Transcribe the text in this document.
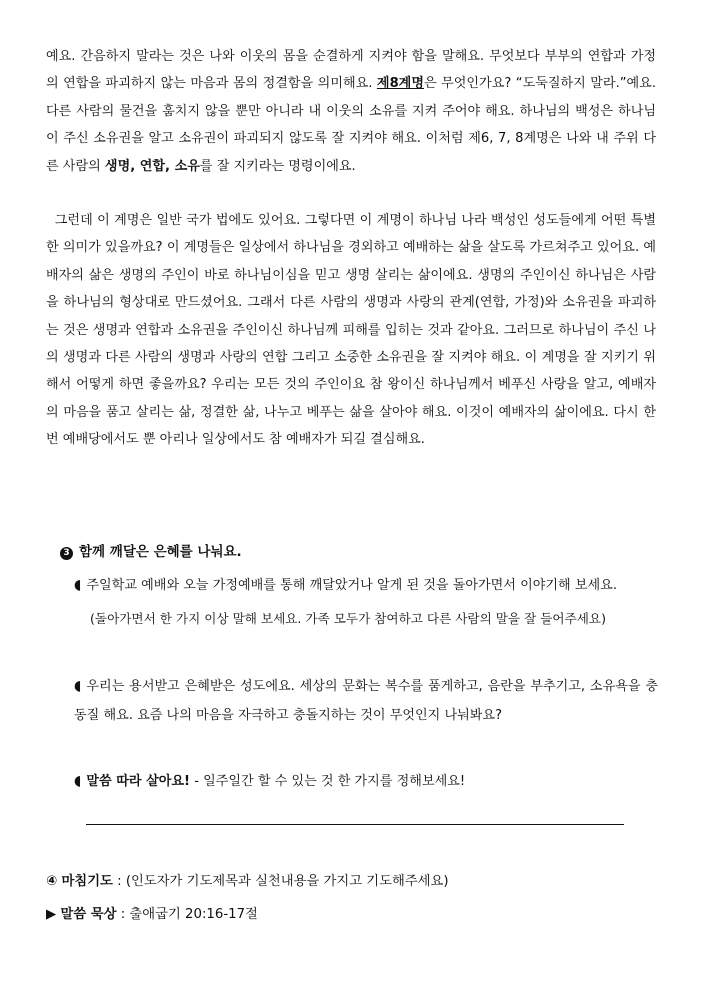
예요. 간음하지 말라는 것은 나와 이웃의 몸을 순결하게 지켜야 함을 말해요. 무엇보다 부부의 연합과 가정의 연합을 파괴하지 않는 마음과 몸의 정결함을 의미해요. 제8계명은 무엇인가요? “도둑질하지 말라.”예요. 다른 사람의 물건을 훔치지 않을 뿐만 아니라 내 이웃의 소유를 지켜 주어야 해요. 하나님의 백성은 하나님이 주신 소유권을 알고 소유권이 파괴되지 않도록 잘 지켜야 해요. 이처럼 제6, 7, 8계명은 나와 내 주위 다른 사람의 생명, 연합, 소유를 잘 지키라는 명령이에요.
그런데 이 계명은 일반 국가 법에도 있어요. 그렇다면 이 계명이 하나님 나라 백성인 성도들에게 어떤 특별한 의미가 있을까요? 이 계명들은 일상에서 하나님을 경외하고 예배하는 삶을 살도록 가르쳐주고 있어요. 예배자의 삶은 생명의 주인이 바로 하나님이심을 믿고 생명 살리는 삶이에요. 생명의 주인이신 하나님은 사람을 하나님의 형상대로 만드셨어요. 그래서 다른 사람의 생명과 사랑의 관계(연합, 가정)와 소유권을 파괴하는 것은 생명과 연합과 소유권을 주인이신 하나님께 피해를 입히는 것과 같아요. 그러므로 하나님이 주신 나의 생명과 다른 사람의 생명과 사랑의 연합 그리고 소중한 소유권을 잘 지켜야 해요. 이 계명을 잘 지키기 위해서 어떻게 하면 좋을까요? 우리는 모든 것의 주인이요 참 왕이신 하나님께서 베푸신 사랑을 알고, 예배자의 마음을 품고 살리는 삶, 정결한 삶, 나누고 베푸는 삶을 살아야 해요. 이것이 예배자의 삶이에요. 다시 한번 예배당에서도 뿐 아리나 일상에서도 참 예배자가 되길 결심해요.
3 함께 깨달은 은혜를 나눠요.
◖ 주일학교 예배와 오늘 가정예배를 통해 깨달았거나 알게 된 것을 돌아가면서 이야기해 보세요.
(돌아가면서 한 가지 이상 말해 보세요. 가족 모두가 참여하고 다른 사람의 말을 잘 들어주세요)
◖ 우리는 용서받고 은혜받은 성도에요. 세상의 문화는 복수를 품게하고, 음란을 부추기고, 소유욕을 충동질 해요. 요즘 나의 마음을 자극하고 충돌지하는 것이 무엇인지 나눠봐요?
◖ 말씀 따라 살아요! - 일주일간 할 수 있는 것 한 가지를 정해보세요!
④ 마침기도 : (인도자가 기도제목과 실천내용을 가지고 기도해주세요)
▶ 말씀 묵상 : 출애굽기 20:16-17절
